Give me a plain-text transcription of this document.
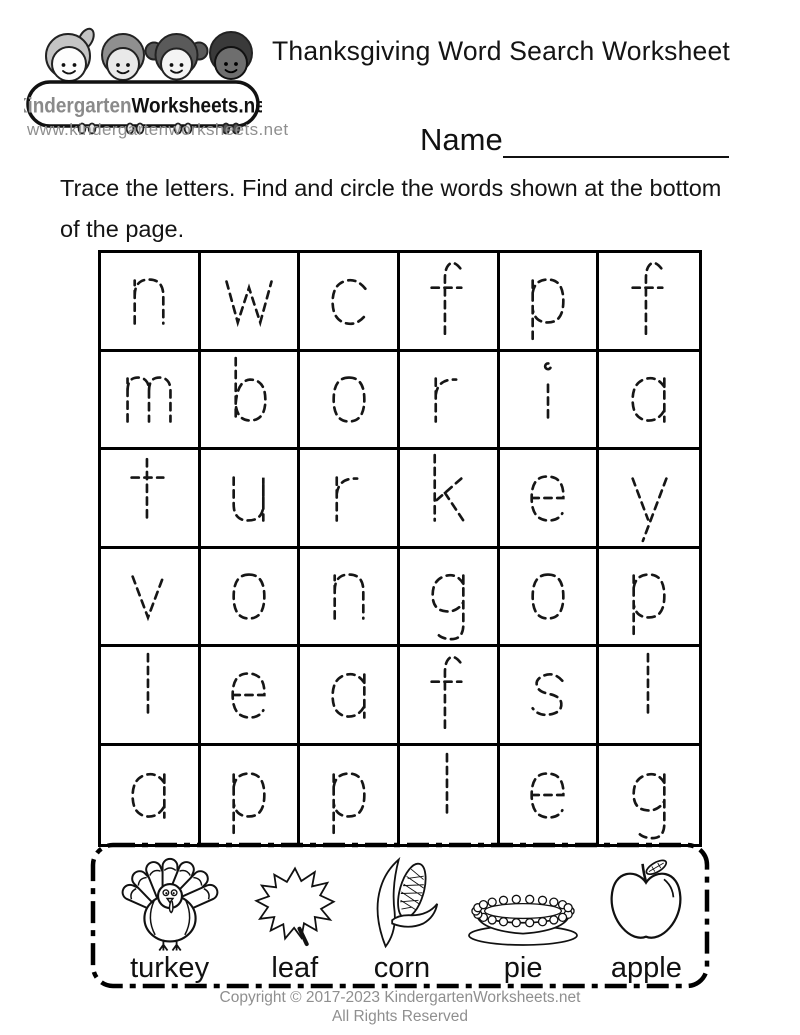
KindergartenWorksheets.net
www.kindergartenworksheets.net
Thanksgiving Word Search Worksheet
Name
Trace the letters. Find and circle the words shown at the bottom
of the page.
turkey leaf corn	pie apple
Copyright © 2017-2023 KindergartenWorksheets.net
All Rights Reserved
